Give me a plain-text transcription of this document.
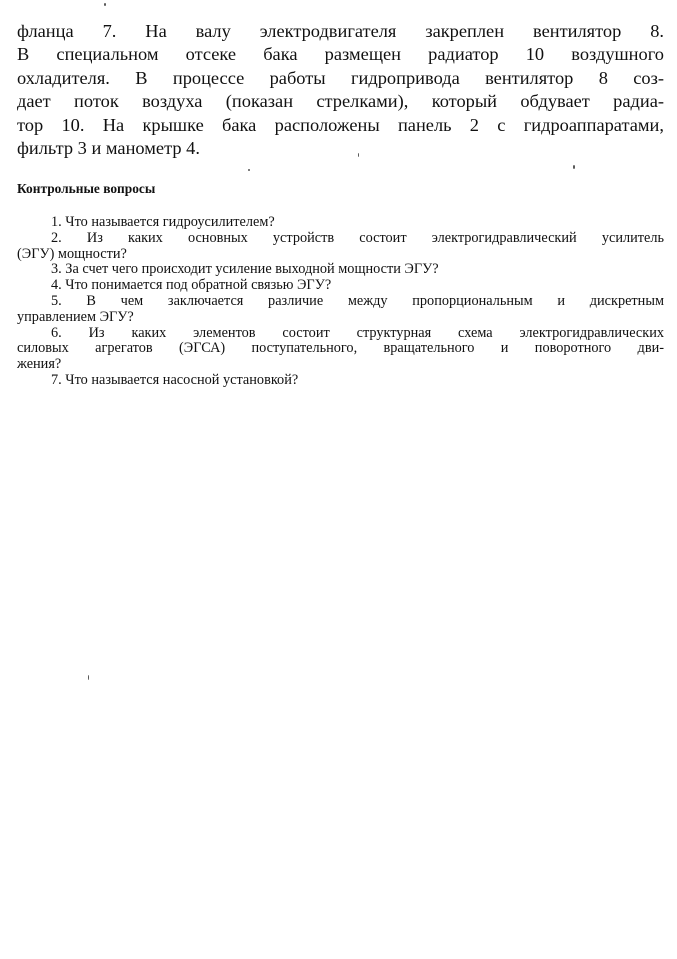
фланца 7. На валу электродвигателя закреплен вентилятор 8.
В специальном отсеке бака размещен радиатор 10 воздушного
охладителя. В процессе работы гидропривода вентилятор 8 соз-
дает поток воздуха (показан стрелками), который обдувает радиа-
тор 10. На крышке бака расположены панель 2 с гидроаппаратами,
фильтр 3 и манометр 4.
Контрольные вопросы
1. Что называется гидроусилителем?
2. Из каких основных устройств состоит электрогидравлический усилитель
(ЭГУ) мощности?
3. За счет чего происходит усиление выходной мощности ЭГУ?
4. Что понимается под обратной связью ЭГУ?
5. В чем заключается различие между пропорциональным и дискретным
управлением ЭГУ?
6. Из каких элементов состоит структурная схема электрогидравлических
силовых агрегатов (ЭГСА) поступательного, вращательного и поворотного дви-
жения?
7. Что называется насосной установкой?
